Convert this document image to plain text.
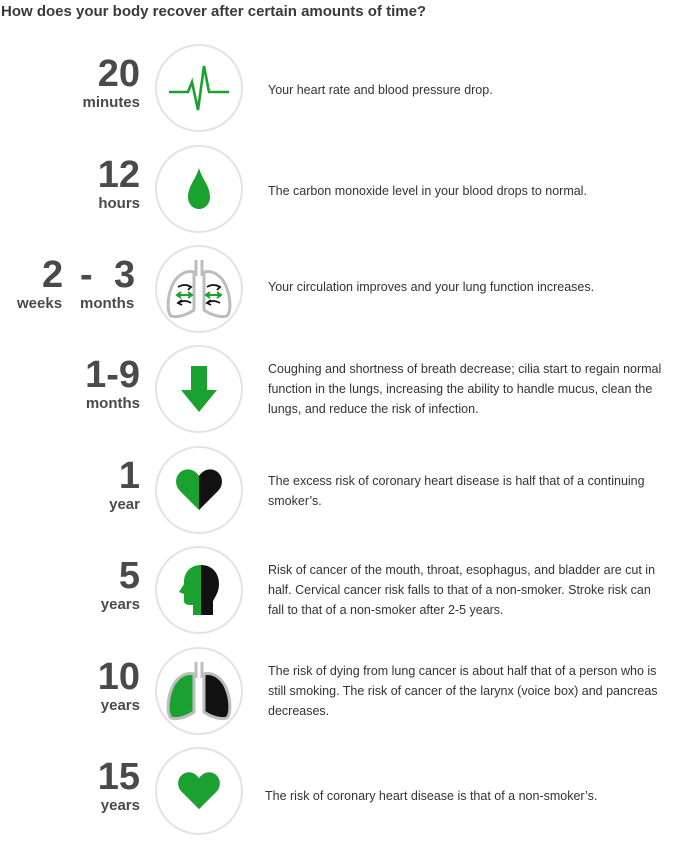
How does your body recover after certain amounts of time?
20
minutes
Your heart rate and blood pressure drop.
12
hours
The carbon monoxide level in your blood drops to normal.
2 - 3
weeks months
Your circulation improves and your lung function increases.
1-9
months
Coughing and shortness of breath decrease; cilia start to regain normal function in the lungs, increasing the ability to handle mucus, clean the lungs, and reduce the risk of infection.
1
year
The excess risk of coronary heart disease is half that of a continuing smoker’s.
5
years
Risk of cancer of the mouth, throat, esophagus, and bladder are cut in half. Cervical cancer risk falls to that of a non-smoker. Stroke risk can fall to that of a non-smoker after 2-5 years.
10
years
The risk of dying from lung cancer is about half that of a person who is still smoking. The risk of cancer of the larynx (voice box) and pancreas decreases.
15
years
The risk of coronary heart disease is that of a non-smoker’s.
